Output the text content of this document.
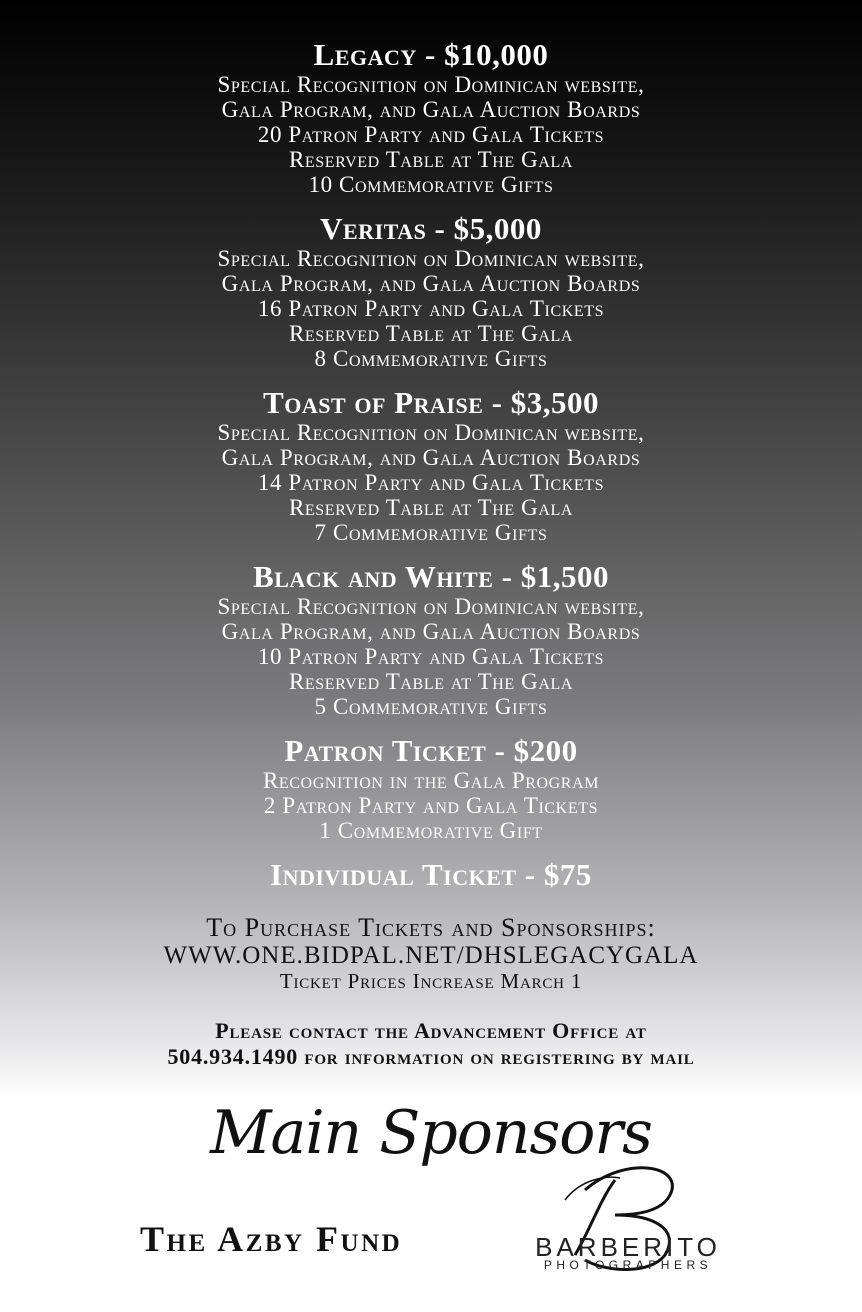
Legacy - $10,000
Special Recognition on Dominican website,
Gala Program, and Gala Auction Boards
20 Patron Party and Gala Tickets
Reserved Table at The Gala
10 Commemorative Gifts
Veritas - $5,000
Special Recognition on Dominican website,
Gala Program, and Gala Auction Boards
16 Patron Party and Gala Tickets
Reserved Table at The Gala
8 Commemorative Gifts
Toast of Praise - $3,500
Special Recognition on Dominican website,
Gala Program, and Gala Auction Boards
14 Patron Party and Gala Tickets
Reserved Table at The Gala
7 Commemorative Gifts
Black and White - $1,500
Special Recognition on Dominican website,
Gala Program, and Gala Auction Boards
10 Patron Party and Gala Tickets
Reserved Table at The Gala
5 Commemorative Gifts
Patron Ticket - $200
Recognition in the Gala Program
2 Patron Party and Gala Tickets
1 Commemorative Gift
Individual Ticket - $75
To Purchase Tickets and Sponsorships:
WWW.ONE.BIDPAL.NET/DHSLEGACYGALA
Ticket Prices Increase March 1
Please contact the Advancement Office at
504.934.1490 for information on registering by mail
Main Sponsors
The Azby Fund	BARBERITO
PHOTOGRAPHERS
